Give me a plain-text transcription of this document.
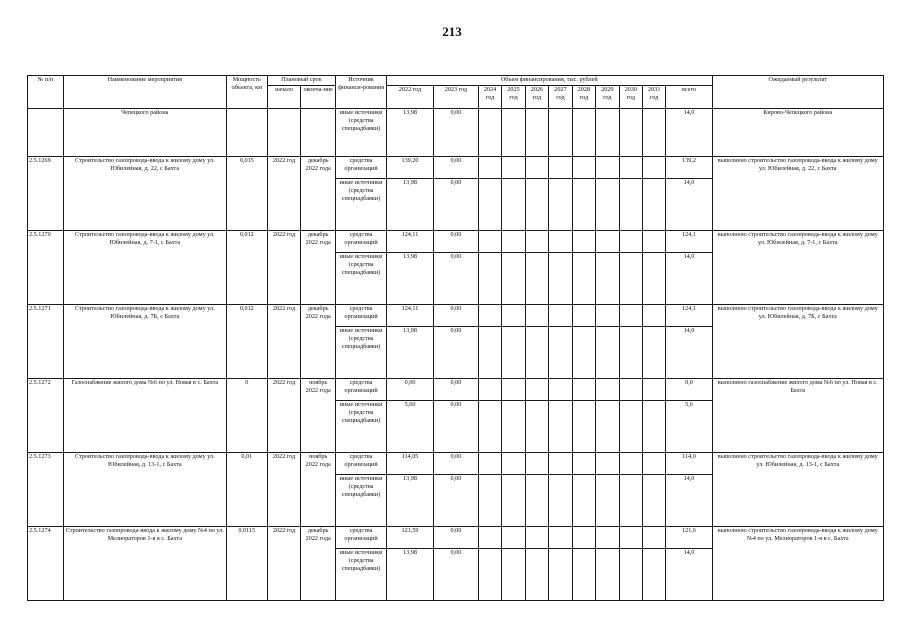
213
№ п/п	Наименование мероприятия	Мощность объекта, км	Плановый срок		Источник финанси-рования	Объем финансирования, тыс. рублей											Ожидаемый результат
			начало	оконча-ние		2022 год	2023 год	2024 год	2025 год	2026 год	2027 год	2028 год	2029 год	2030 год	2031 год	всего	
	Чепецкого района				иные источники (средства спецнадбавки)	13,98	0,00									14,0	Кирово-Чепецкого района
2.5.1269	Строительство газопровода-ввода к жилому дому ул. Юбилейная, д. 22, с Бахта	0,015	2022 год	декабрь 2022 года	средства организаций	139,20	0,00									139,2	выполнено строительство газопровода-ввода к жилому дому ул. Юбилейная, д. 22, с Бахта
					иные источники (средства спецнадбавки)	13,98	0,00									14,0	
2.5.1270	Строительство газопровода-ввода к жилому дому ул. Юбилейная, д. 7-1, с Бахта	0,012	2022 год	декабрь 2022 года	средства организаций	124,11	0,00									124,1	выполнено строительство газопровода-ввода к жилому дому ул. Юбилейная, д. 7-1, с Бахта
					иные источники (средства спецнадбавки)	13,98	0,00									14,0	
2.5.1271	Строительство газопровода-ввода к жилому дому ул. Юбилейная, д. 7Б, с Бахта	0,012	2022 год	декабрь 2022 года	средства организаций	124,11	0,00									124,1	выполнено строительство газопровода-ввода к жилому дому ул. Юбилейная, д. 7Б, с Бахта
					иные источники (средства спецнадбавки)	13,98	0,00									14,0	
2.5.1272	Газоснабжение жилого дома №6 по ул. Новая в с. Бахта	0	2022 год	ноябрь 2022 года	средства организаций	0,00	0,00									0,0	выполнено газоснабжение жилого дома №6 по ул. Новая в с. Бахта
					иные источники (средства спецнадбавки)	5,60	0,00									5,6	
2.5.1273	Строительство газопровода-ввода к жилому дому ул. Юбилейная, д. 13-1, с Бахта	0,01	2022 год	ноябрь 2022 года	средства организаций	114,05	0,00									114,0	выполнено строительство газопровода-ввода к жилому дому ул. Юбилейная, д. 13-1, с Бахта
					иные источники (средства спецнадбавки)	13,98	0,00									14,0	
2.5.1274	Строительство газопровода-ввода к жилому дому №4 по ул. Мелиораторов 1-я в с. Бахта	0,0115	2022 год	декабрь 2022 года	средства организаций	121,59	0,00									121,6	выполнено строительство газопровода-ввода к жилому дому №4 по ул. Мелиораторов 1-я в с. Бахта
					иные источники (средства спецнадбавки)	13,98	0,00									14,0	
